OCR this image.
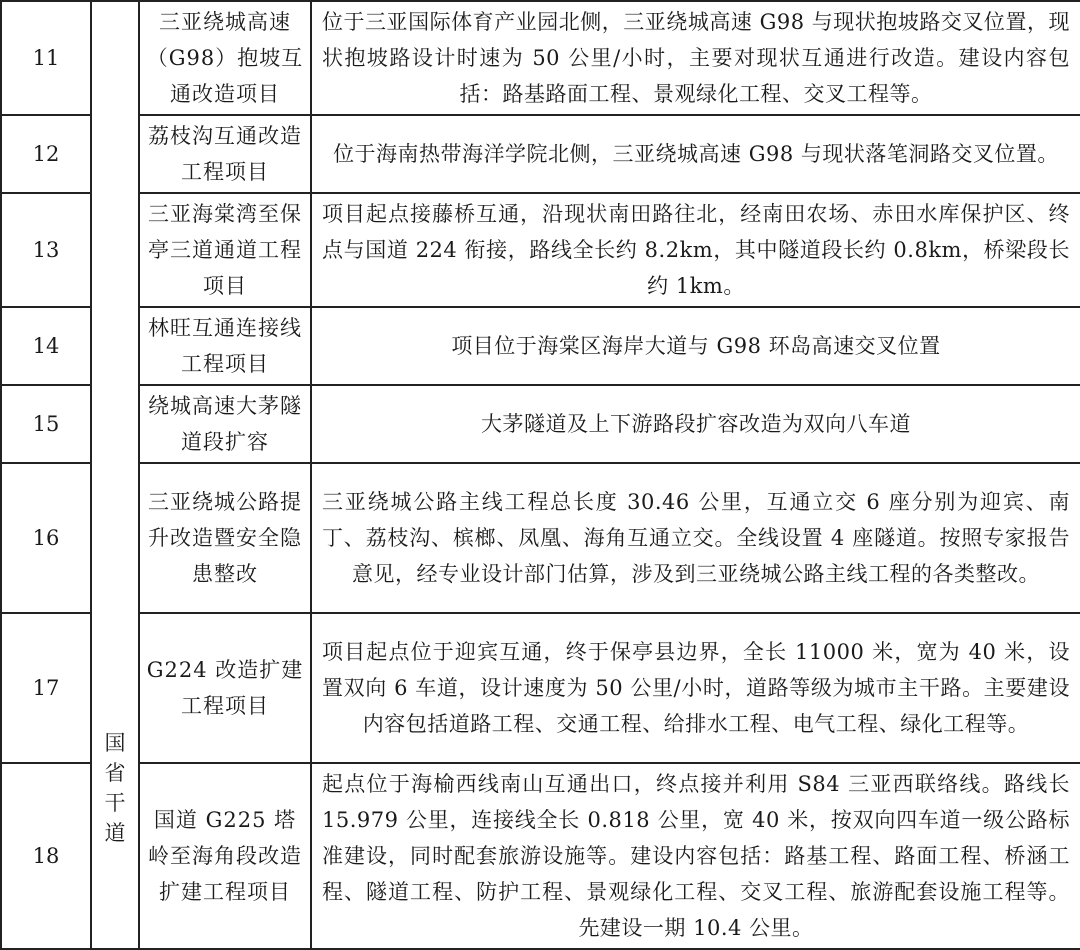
11	国省干道	三亚绕城高速（G98）抱坡互通改造项目	位于三亚国际体育产业园北侧，三亚绕城高速 G98 与现状抱坡路交叉位置，现状抱坡路设计时速为 50 公里/小时，主要对现状互通进行改造。建设内容包括：路基路面工程、景观绿化工程、交叉工程等。
12		荔枝沟互通改造工程项目	位于海南热带海洋学院北侧，三亚绕城高速 G98 与现状落笔洞路交叉位置。
13		三亚海棠湾至保亭三道通道工程项目	项目起点接藤桥互通，沿现状南田路往北，经南田农场、赤田水库保护区、终点与国道 224 衔接，路线全长约 8.2km，其中隧道段长约 0.8km，桥梁段长约 1km。
14		林旺互通连接线工程项目	项目位于海棠区海岸大道与 G98 环岛高速交叉位置
15		绕城高速大茅隧道段扩容	大茅隧道及上下游路段扩容改造为双向八车道
16		三亚绕城公路提升改造暨安全隐患整改	三亚绕城公路主线工程总长度 30.46 公里，互通立交 6 座分别为迎宾、南丁、荔枝沟、槟榔、凤凰、海角互通立交。全线设置 4 座隧道。按照专家报告意见，经专业设计部门估算，涉及到三亚绕城公路主线工程的各类整改。
17		G224 改造扩建工程项目	项目起点位于迎宾互通，终于保亭县边界，全长 11000 米，宽为 40 米，设置双向 6 车道，设计速度为 50 公里/小时，道路等级为城市主干路。主要建设内容包括道路工程、交通工程、给排水工程、电气工程、绿化工程等。
18		国道 G225 塔岭至海角段改造扩建工程项目	起点位于海榆西线南山互通出口，终点接并利用 S84 三亚西联络线。路线长 15.979 公里，连接线全长 0.818 公里，宽 40 米，按双向四车道一级公路标准建设，同时配套旅游设施等。建设内容包括：路基工程、路面工程、桥涵工程、隧道工程、防护工程、景观绿化工程、交叉工程、旅游配套设施工程等。先建设一期 10.4 公里。
